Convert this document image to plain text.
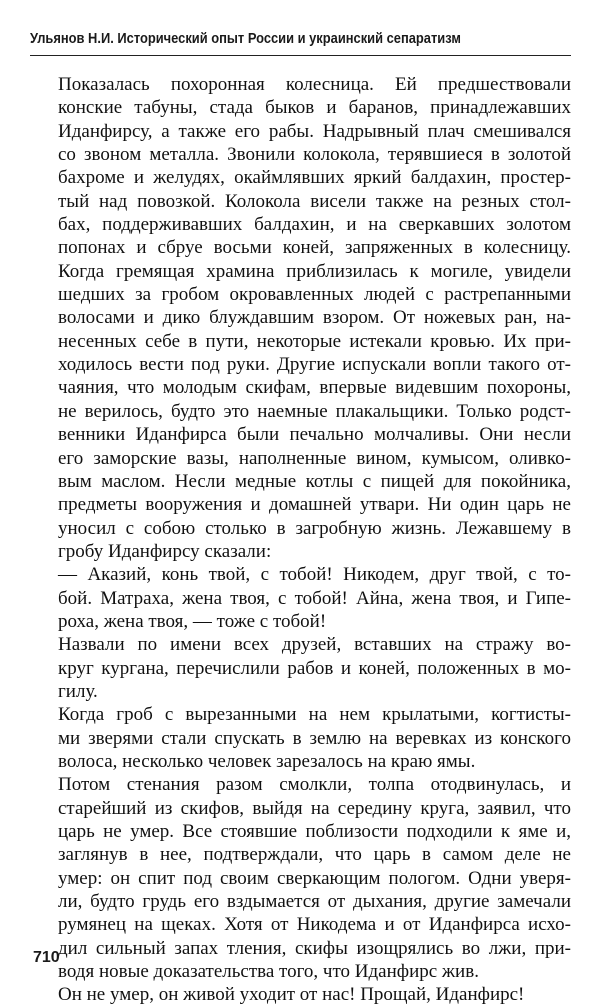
Ульянов Н.И. Исторический опыт России и украинский сепаратизм
Показалась похоронная колесница. Ей предшествовали
конские табуны, стада быков и баранов, принадлежавших
Иданфирсу, а также его рабы. Надрывный плач смешивался
со звоном металла. Звонили колокола, терявшиеся в золотой
бахроме и желудях, окаймлявших яркий балдахин, простер-
тый над повозкой. Колокола висели также на резных стол-
бах, поддерживавших балдахин, и на сверкавших золотом
попонах и сбруе восьми коней, запряженных в колесницу.
Когда гремящая храмина приблизилась к могиле, увидели
шедших за гробом окровавленных людей с растрепанными
волосами и дико блуждавшим взором. От ножевых ран, на-
несенных себе в пути, некоторые истекали кровью. Их при-
ходилось вести под руки. Другие испускали вопли такого от-
чаяния, что молодым скифам, впервые видевшим похороны,
не верилось, будто это наемные плакальщики. Только родст-
венники Иданфирса были печально молчаливы. Они несли
его заморские вазы, наполненные вином, кумысом, оливко-
вым маслом. Несли медные котлы с пищей для покойника,
предметы вооружения и домашней утвари. Ни один царь не
уносил с собою столько в загробную жизнь. Лежавшему в
гробу Иданфирсу сказали:
— Аказий, конь твой, с тобой! Никодем, друг твой, с то-
бой. Матраха, жена твоя, с тобой! Айна, жена твоя, и Гипе-
роха, жена твоя, — тоже с тобой!
Назвали по имени всех друзей, вставших на стражу во-
круг кургана, перечислили рабов и коней, положенных в мо-
гилу.
Когда гроб с вырезанными на нем крылатыми, когтисты-
ми зверями стали спускать в землю на веревках из конского
волоса, несколько человек зарезалось на краю ямы.
Потом стенания разом смолкли, толпа отодвинулась, и
старейший из скифов, выйдя на середину круга, заявил, что
царь не умер. Все стоявшие поблизости подходили к яме и,
заглянув в нее, подтверждали, что царь в самом деле не
умер: он спит под своим сверкающим пологом. Одни уверя-
ли, будто грудь его вздымается от дыхания, другие замечали
румянец на щеках. Хотя от Никодема и от Иданфирса исхо-
дил сильный запах тления, скифы изощрялись во лжи, при-
водя новые доказательства того, что Иданфирс жив.
Он не умер, он живой уходит от нас! Прощай, Иданфирс!
710
